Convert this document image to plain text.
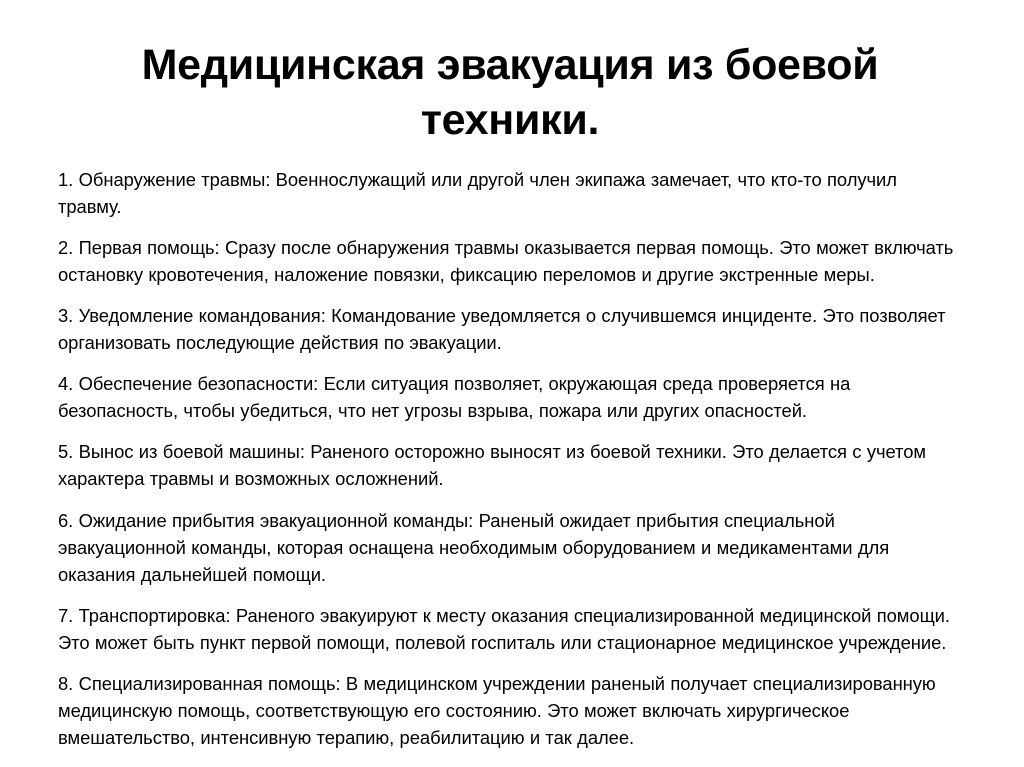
Медицинская эвакуация из боевой техники.

1. Обнаружение травмы: Военнослужащий или другой член экипажа замечает, что кто-то получил травму.

2. Первая помощь: Сразу после обнаружения травмы оказывается первая помощь. Это может включать остановку кровотечения, наложение повязки, фиксацию переломов и другие экстренные меры.

3. Уведомление командования: Командование уведомляется о случившемся инциденте. Это позволяет организовать последующие действия по эвакуации.

4. Обеспечение безопасности: Если ситуация позволяет, окружающая среда проверяется на безопасность, чтобы убедиться, что нет угрозы взрыва, пожара или других опасностей.

5. Вынос из боевой машины: Раненого осторожно выносят из боевой техники. Это делается с учетом характера травмы и возможных осложнений.

6. Ожидание прибытия эвакуационной команды: Раненый ожидает прибытия специальной эвакуационной команды, которая оснащена необходимым оборудованием и медикаментами для оказания дальнейшей помощи.

7. Транспортировка: Раненого эвакуируют к месту оказания специализированной медицинской помощи. Это может быть пункт первой помощи, полевой госпиталь или стационарное медицинское учреждение.

8. Специализированная помощь: В медицинском учреждении раненый получает специализированную медицинскую помощь, соответствующую его состоянию. Это может включать хирургическое вмешательство, интенсивную терапию, реабилитацию и так далее.
